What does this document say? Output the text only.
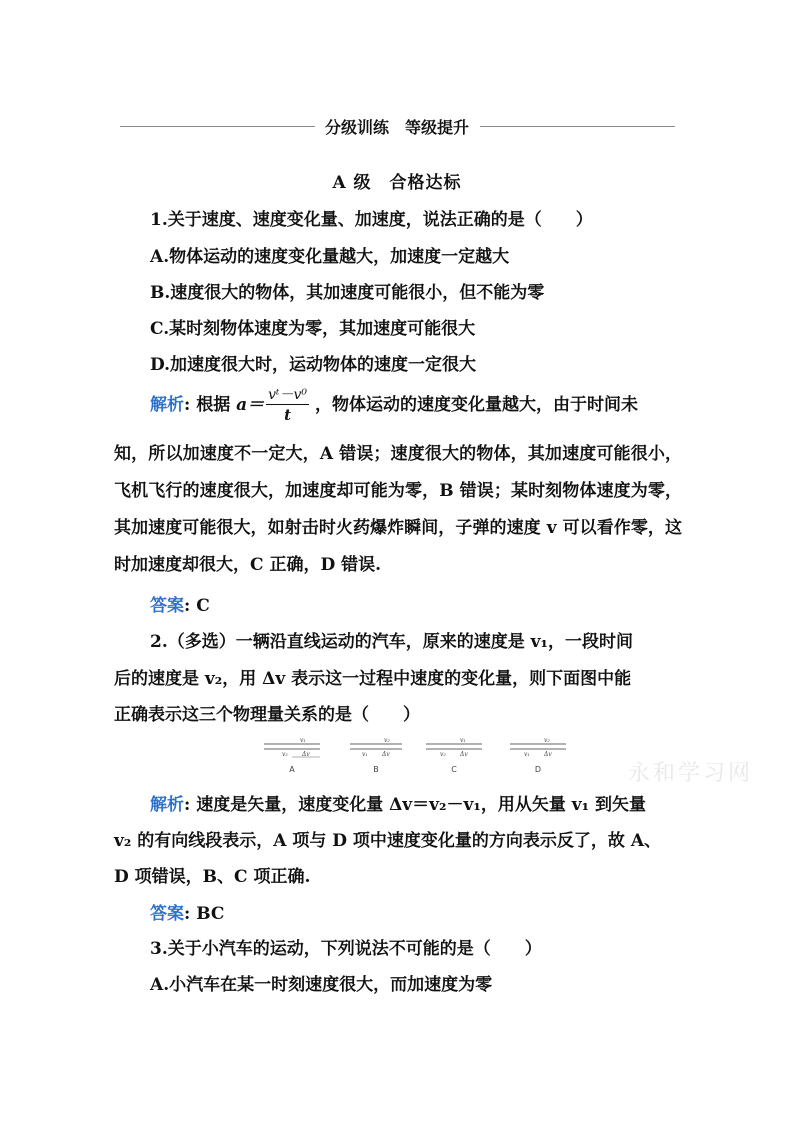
分级训练　等级提升
A 级　合格达标
1.关于速度、速度变化量、加速度，说法正确的是（　　）
A.物体运动的速度变化量越大，加速度一定越大
B.速度很大的物体，其加速度可能很小，但不能为零
C.某时刻物体速度为零，其加速度可能很大
D.加速度很大时，运动物体的速度一定很大
解析: 根据 $a= \frac{\text{vᵗ－v⁰}}{t}$ ，物体运动的速度变化量越大，由于时间未
知，所以加速度不一定大，A 错误；速度很大的物体，其加速度可能很小，飞机飞行的速度很大，加速度却可能为零，B 错误；某时刻物体速度为零，其加速度可能很大，如射击时火药爆炸瞬间，子弹的速度 v 可以看作零，这时加速度却很大，C 正确，D 错误.
答案: C
2.（多选）一辆沿直线运动的汽车，原来的速度是 v₁，一段时间
后的速度是 v₂，用 Δv 表示这一过程中速度的变化量，则下面图中能
正确表示这三个物理量关系的是（　　）
v₁
v₂ Δv
A
v₂
v₁ Δv
B
v₁
v₂ Δv
C
v₂
v₁ Δv
D	永和学习网
解析: 速度是矢量，速度变化量 Δv＝v₂－v₁，用从矢量 v₁ 到矢量
v₂ 的有向线段表示，A 项与 D 项中速度变化量的方向表示反了，故 A、
D 项错误，B、C 项正确.
答案: BC
3.关于小汽车的运动，下列说法不可能的是（　　）
A.小汽车在某一时刻速度很大，而加速度为零
